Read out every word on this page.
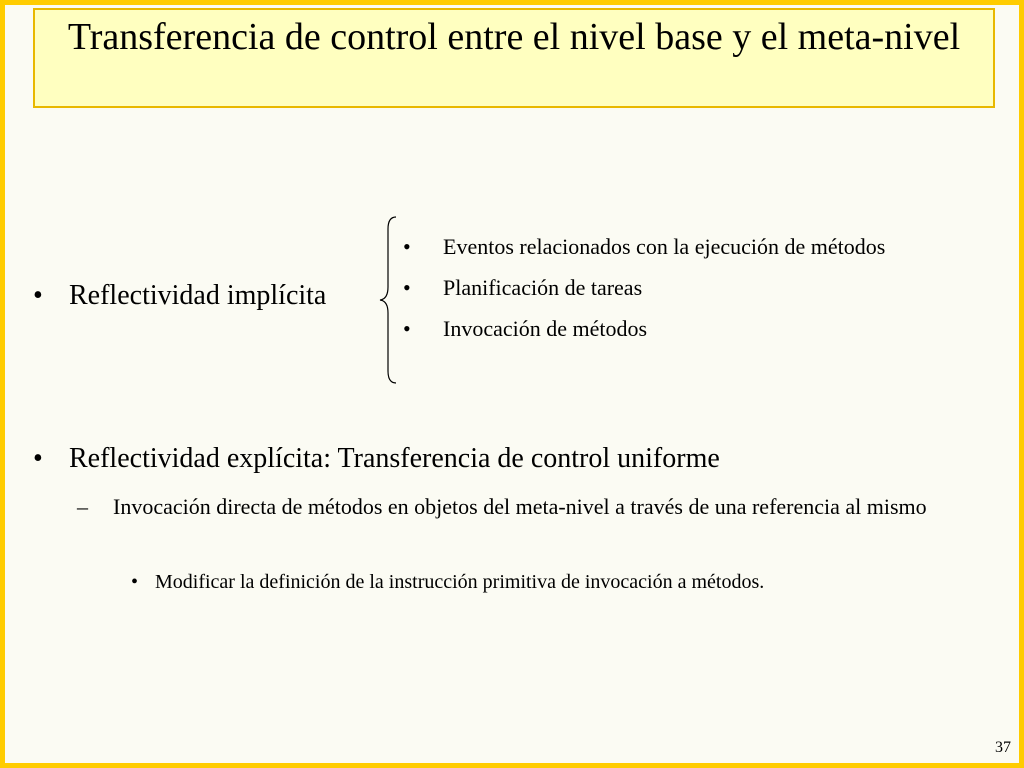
Transferencia de control entre el nivel base y el meta-nivel
• Reflectividad implícita
• Eventos relacionados con la ejecución de métodos
• Planificación de tareas
• Invocación de métodos
• Reflectividad explícita: Transferencia de control uniforme
– Invocación directa de métodos en objetos del meta-nivel a través de una referencia al mismo
• Modificar la definición de la instrucción primitiva de invocación a métodos.
37
